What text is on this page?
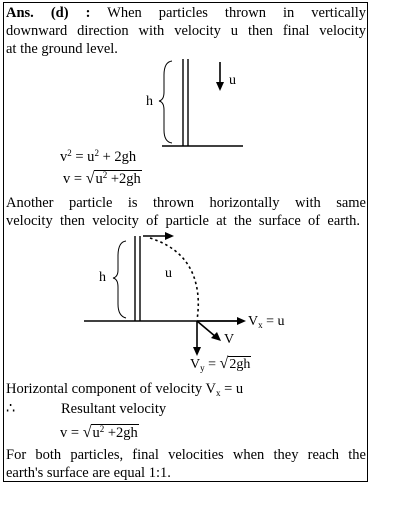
Ans. (d) : When particles thrown in vertically
downward direction with velocity u then final velocity
at the ground level.
h
u
$v^2 = u^2 + 2gh$
$v = √u^2 +2gh$
Another particle is thrown horizontally with same
velocity then velocity of particle at the surface of earth.
h	u
$V_x = u$
V
$V_y = √2gh$
Horizontal component of velocity $V_x = u$
∴	Resultant velocity
$v = √u^2 +2gh$
For both particles, final velocities when they reach the
earth's surface are equal 1:1.
